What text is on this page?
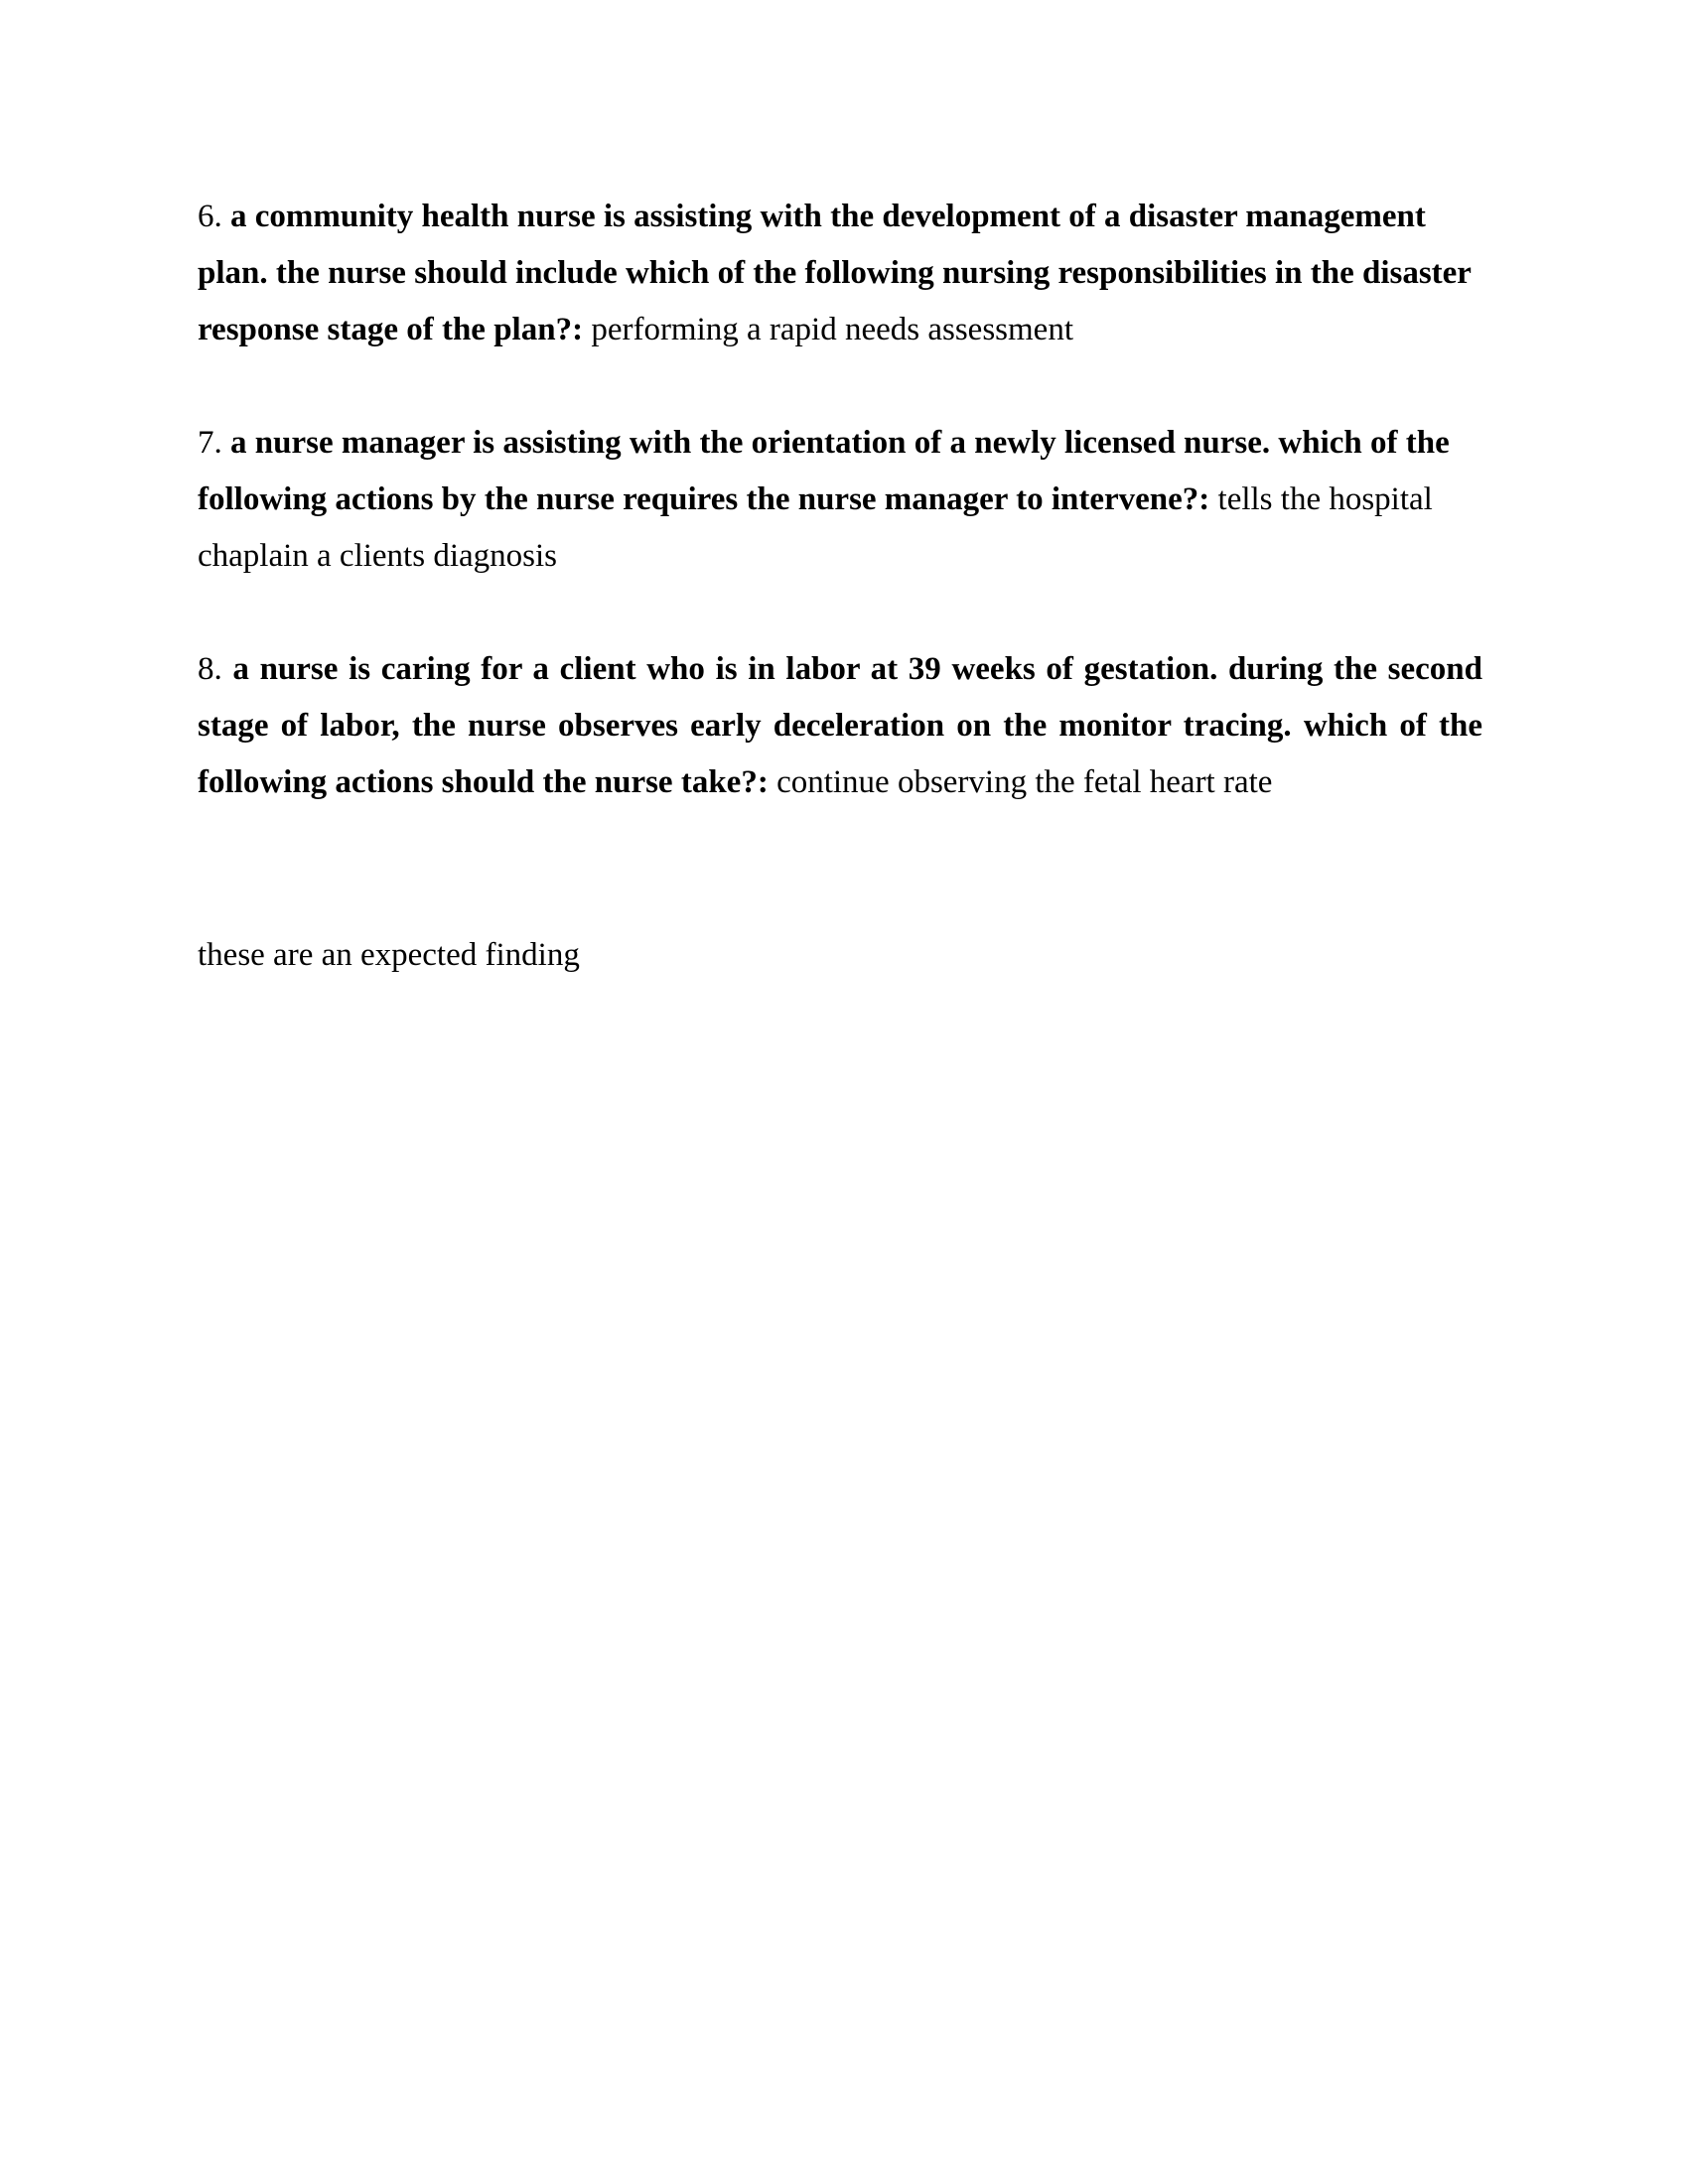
6. a community health nurse is assisting with the development of a disaster management plan. the nurse should include which of the following nursing responsibilities in the disaster response stage of the plan?: performing a rapid needs assessment

7. a nurse manager is assisting with the orientation of a newly licensed nurse. which of the following actions by the nurse requires the nurse manager to intervene?: tells the hospital chaplain a clients diagnosis

8. a nurse is caring for a client who is in labor at 39 weeks of gestation. during the second stage of labor, the nurse observes early deceleration on the monitor tracing. which of the following actions should the nurse take?: continue observing the fetal heart rate

these are an expected finding
